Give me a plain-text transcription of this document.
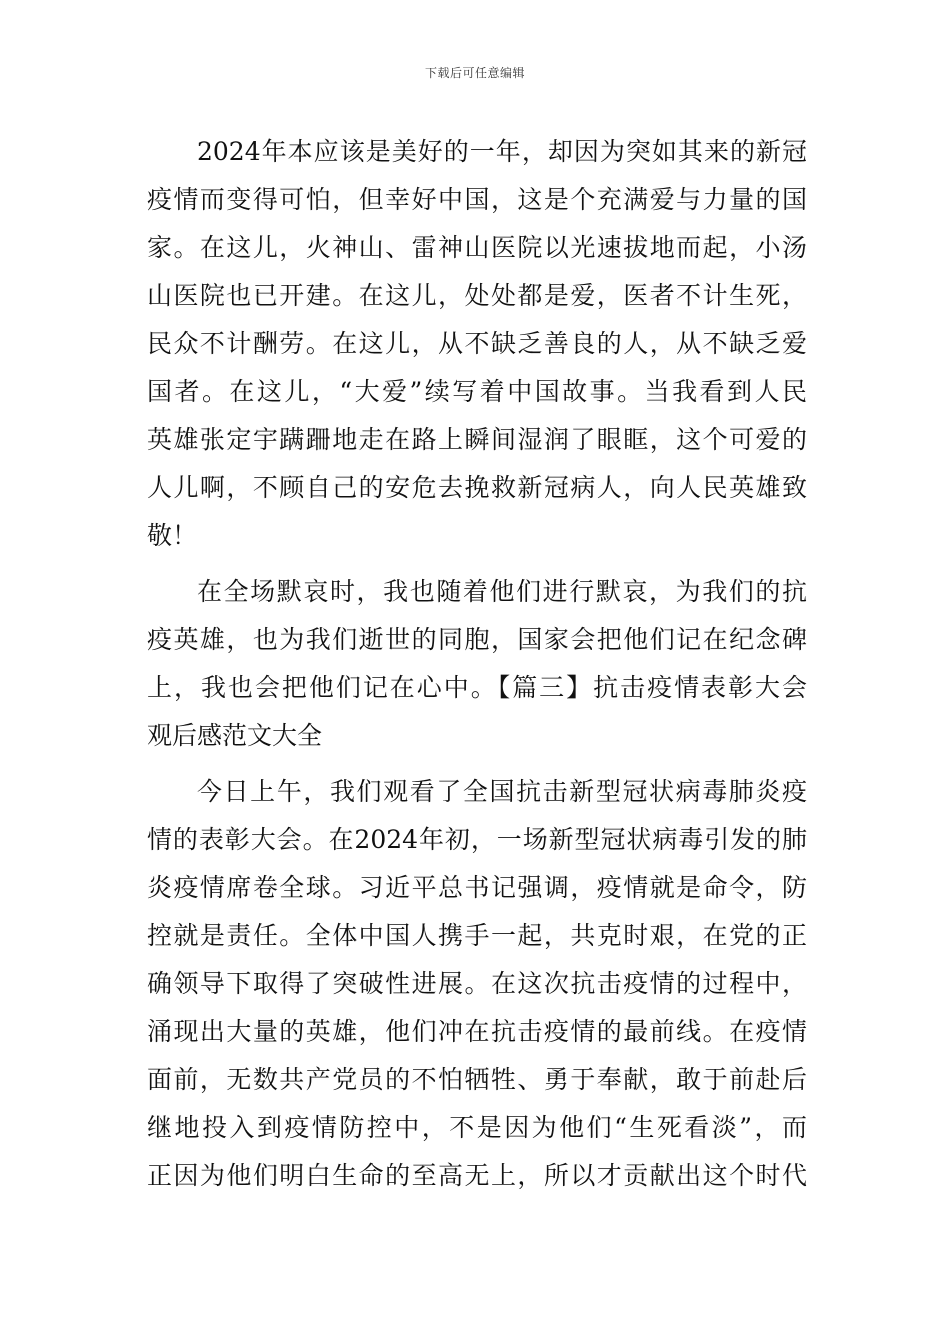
下载后可任意编辑
2024年本应该是美好的一年，却因为突如其来的新冠
疫情而变得可怕，但幸好中国，这是个充满爱与力量的国
家。在这儿，火神山、雷神山医院以光速拔地而起，小汤
山医院也已开建。在这儿，处处都是爱，医者不计生死，
民众不计酬劳。在这儿，从不缺乏善良的人，从不缺乏爱
国者。在这儿，“大爱”续写着中国故事。当我看到人民
英雄张定宇蹒跚地走在路上瞬间湿润了眼眶，这个可爱的
人儿啊，不顾自己的安危去挽救新冠病人，向人民英雄致
敬！
在全场默哀时，我也随着他们进行默哀，为我们的抗
疫英雄，也为我们逝世的同胞，国家会把他们记在纪念碑
上，我也会把他们记在心中。【篇三】抗击疫情表彰大会
观后感范文大全
今日上午，我们观看了全国抗击新型冠状病毒肺炎疫
情的表彰大会。在2024年初，一场新型冠状病毒引发的肺
炎疫情席卷全球。习近平总书记强调，疫情就是命令，防
控就是责任。全体中国人携手一起，共克时艰，在党的正
确领导下取得了突破性进展。在这次抗击疫情的过程中，
涌现出大量的英雄，他们冲在抗击疫情的最前线。在疫情
面前，无数共产党员的不怕牺牲、勇于奉献，敢于前赴后
继地投入到疫情防控中，不是因为他们“生死看淡”，而
正因为他们明白生命的至高无上，所以才贡献出这个时代
